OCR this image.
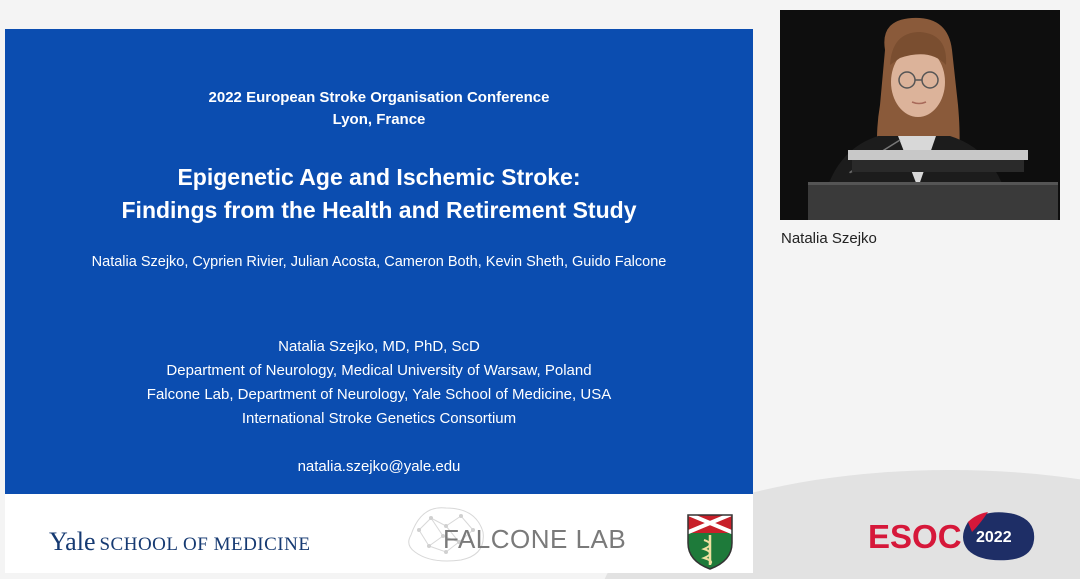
2022 European Stroke Organisation Conference
Lyon, France
Epigenetic Age and Ischemic Stroke:
Findings from the Health and Retirement Study
Natalia Szejko, Cyprien Rivier, Julian Acosta, Cameron Both, Kevin Sheth, Guido Falcone
Natalia Szejko, MD, PhD, ScD
Department of Neurology, Medical University of Warsaw, Poland
Falcone Lab, Department of Neurology, Yale School of Medicine, USA
International Stroke Genetics Consortium
natalia.szejko@yale.edu
Yale SCHOOL OF MEDICINE	FALCONE LAB
Natalia Szejko
ESOC 2022
